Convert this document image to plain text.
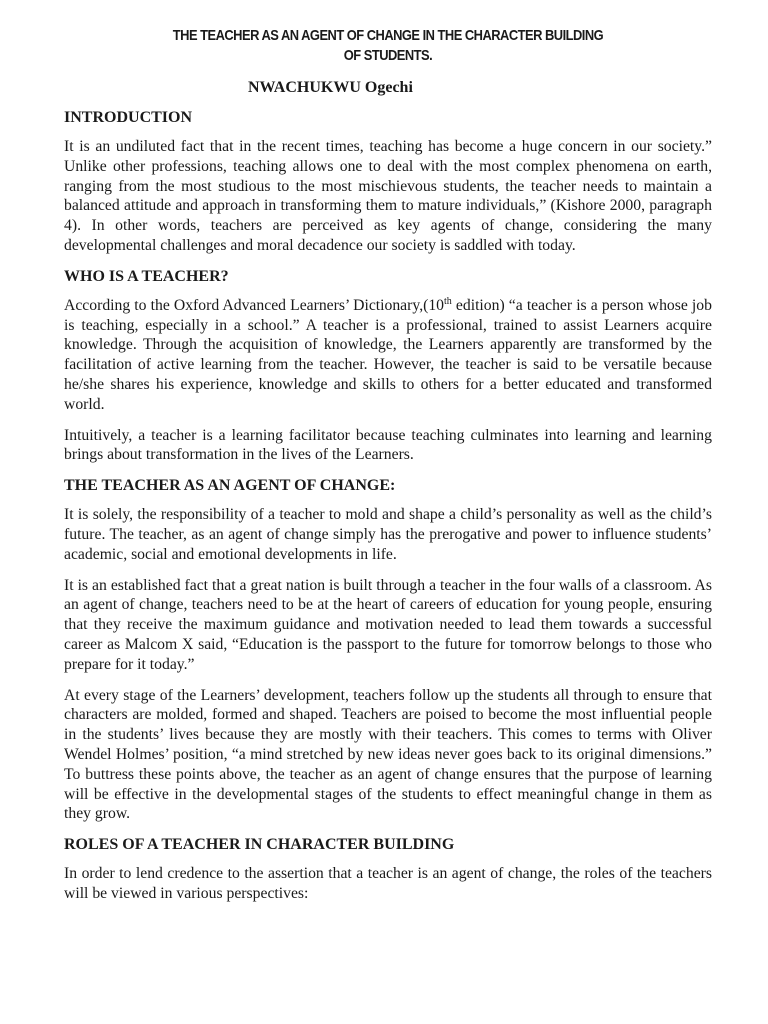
THE TEACHER AS AN AGENT OF CHANGE IN THE CHARACTER BUILDING
OF STUDENTS.
NWACHUKWU Ogechi
INTRODUCTION

It is an undiluted fact that in the recent times, teaching has become a huge concern in our society.” Unlike other professions, teaching allows one to deal with the most complex phenomena on earth, ranging from the most studious to the most mischievous students, the teacher needs to maintain a balanced attitude and approach in transforming them to mature individuals,” (Kishore 2000, paragraph 4). In other words, teachers are perceived as key agents of change, considering the many developmental challenges and moral decadence our society is saddled with today.

WHO IS A TEACHER?

According to the Oxford Advanced Learners’ Dictionary,(10th edition) “a teacher is a person whose job is teaching, especially in a school.” A teacher is a professional, trained to assist Learners acquire knowledge. Through the acquisition of knowledge, the Learners apparently are transformed by the facilitation of active learning from the teacher. However, the teacher is said to be versatile because he/she shares his experience, knowledge and skills to others for a better educated and transformed world.

Intuitively, a teacher is a learning facilitator because teaching culminates into learning and learning brings about transformation in the lives of the Learners.

THE TEACHER AS AN AGENT OF CHANGE:

It is solely, the responsibility of a teacher to mold and shape a child’s personality as well as the child’s future. The teacher, as an agent of change simply has the prerogative and power to influence students’ academic, social and emotional developments in life.

It is an established fact that a great nation is built through a teacher in the four walls of a classroom. As an agent of change, teachers need to be at the heart of careers of education for young people, ensuring that they receive the maximum guidance and motivation needed to lead them towards a successful career as Malcom X said, “Education is the passport to the future for tomorrow belongs to those who prepare for it today.”

At every stage of the Learners’ development, teachers follow up the students all through to ensure that characters are molded, formed and shaped. Teachers are poised to become the most influential people in the students’ lives because they are mostly with their teachers. This comes to terms with Oliver Wendel Holmes’ position, “a mind stretched by new ideas never goes back to its original dimensions.” To buttress these points above, the teacher as an agent of change ensures that the purpose of learning will be effective in the developmental stages of the students to effect meaningful change in them as they grow.

ROLES OF A TEACHER IN CHARACTER BUILDING

In order to lend credence to the assertion that a teacher is an agent of change, the roles of the teachers will be viewed in various perspectives:
